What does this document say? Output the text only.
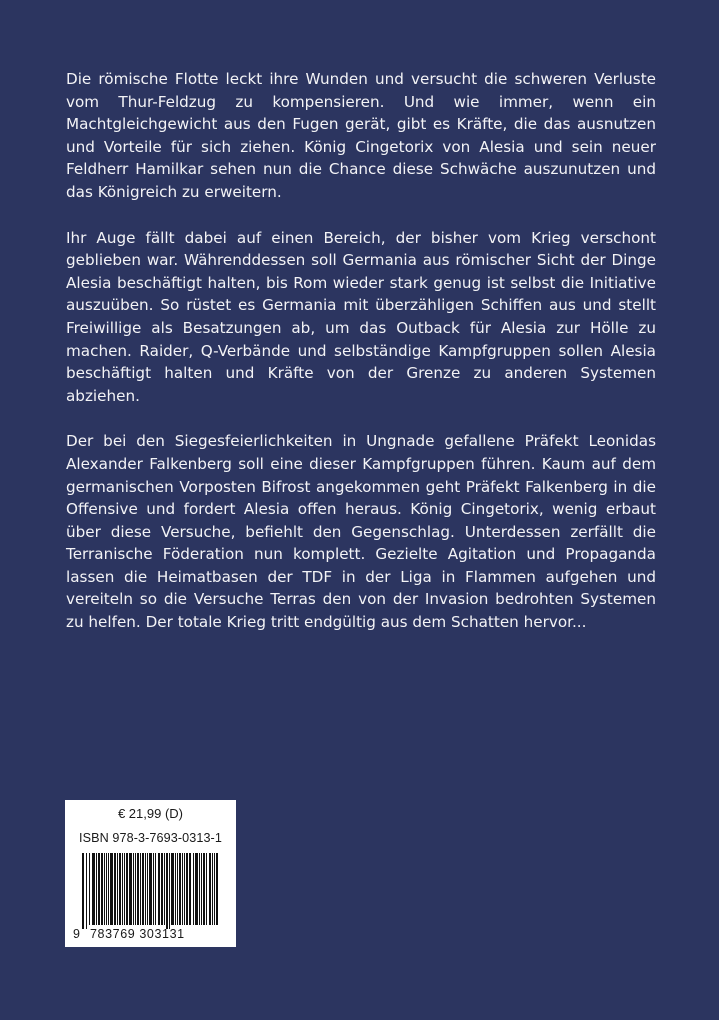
Die römische Flotte leckt ihre Wunden und versucht die schweren Verluste vom Thur-Feldzug zu kompensieren. Und wie immer, wenn ein Machtgleichgewicht aus den Fugen gerät, gibt es Kräfte, die das ausnutzen und Vorteile für sich ziehen. König Cingetorix von Alesia und sein neuer Feldherr Hamilkar sehen nun die Chance diese Schwäche auszunutzen und das Königreich zu erweitern.

Ihr Auge fällt dabei auf einen Bereich, der bisher vom Krieg verschont geblieben war. Währenddessen soll Germania aus römischer Sicht der Dinge Alesia beschäftigt halten, bis Rom wieder stark genug ist selbst die Initiative auszuüben. So rüstet es Germania mit überzähligen Schiffen aus und stellt Freiwillige als Besatzungen ab, um das Outback für Alesia zur Hölle zu machen. Raider, Q-Verbände und selbständige Kampfgruppen sollen Alesia beschäftigt halten und Kräfte von der Grenze zu anderen Systemen abziehen.

Der bei den Siegesfeierlichkeiten in Ungnade gefallene Präfekt Leonidas Alexander Falkenberg soll eine dieser Kampfgruppen führen. Kaum auf dem germanischen Vorposten Bifrost angekommen geht Präfekt Falkenberg in die Offensive und fordert Alesia offen heraus. König Cingetorix, wenig erbaut über diese Versuche, befiehlt den Gegenschlag. Unterdessen zerfällt die Terranische Föderation nun komplett. Gezielte Agitation und Propaganda lassen die Heimatbasen der TDF in der Liga in Flammen aufgehen und vereiteln so die Versuche Terras den von der Invasion bedrohten Systemen zu helfen. Der totale Krieg tritt endgültig aus dem Schatten hervor...

€ 21,99 (D)
ISBN 978-3-7693-0313-1
9 783769 303131
